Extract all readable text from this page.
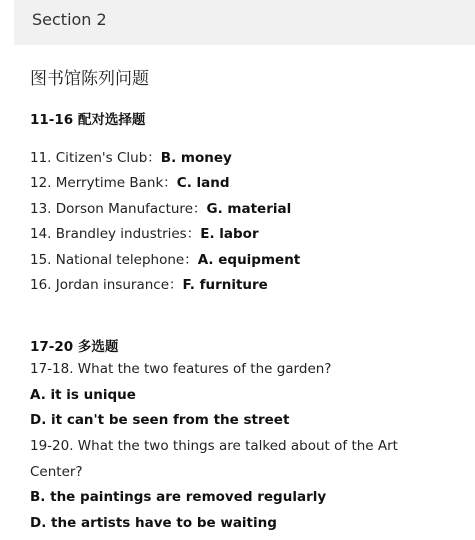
Section 2
图书馆陈列问题
11-16 配对选择题
11. Citizen's Club：B. money
12. Merrytime Bank：C. land
13. Dorson Manufacture：G. material
14. Brandley industries：E. labor
15. National telephone：A. equipment
16. Jordan insurance：F. furniture
17-20 多选题
17-18. What the two features of the garden?
A. it is unique
D. it can't be seen from the street
19-20. What the two things are talked about of the Art
Center?
B. the paintings are removed regularly
D. the artists have to be waiting
